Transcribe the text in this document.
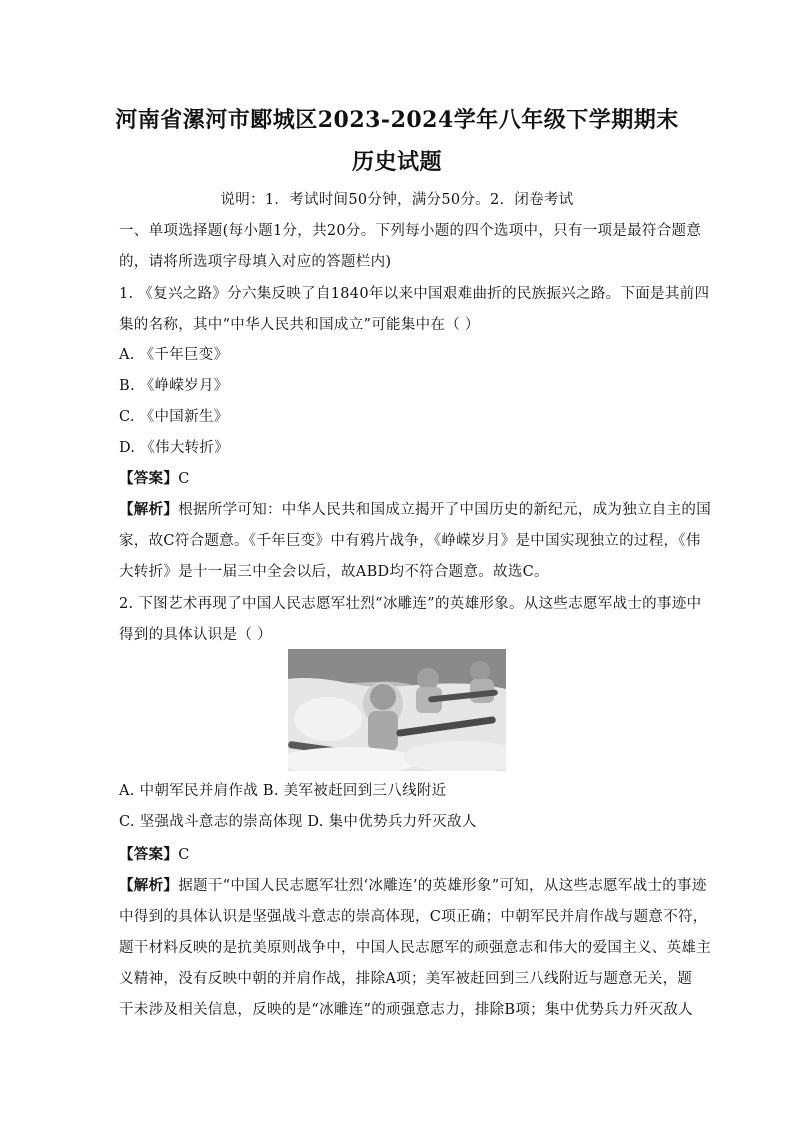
河南省漯河市郾城区2023-2024学年八年级下学期期末
历史试题
说明：1．考试时间50分钟，满分50分。2．闭卷考试
一、单项选择题(每小题1分，共20分。下列每小题的四个选项中，只有一项是最符合题意
的，请将所选项字母填入对应的答题栏内)
1. 《复兴之路》分六集反映了自1840年以来中国艰难曲折的民族振兴之路。下面是其前四
集的名称，其中“中华人民共和国成立”可能集中在（ ）
A. 《千年巨变》
B. 《峥嵘岁月》
C. 《中国新生》
D. 《伟大转折》
【答案】C
【解析】根据所学可知：中华人民共和国成立揭开了中国历史的新纪元，成为独立自主的国
家，故C符合题意。《千年巨变》中有鸦片战争，《峥嵘岁月》是中国实现独立的过程，《伟
大转折》是十一届三中全会以后，故ABD均不符合题意。故选C。
2. 下图艺术再现了中国人民志愿军壮烈“冰雕连”的英雄形象。从这些志愿军战士的事迹中
得到的具体认识是（ ）
A. 中朝军民并肩作战 B. 美军被赶回到三八线附近
C. 坚强战斗意志的崇高体现 D. 集中优势兵力歼灭敌人
【答案】C
【解析】据题干“中国人民志愿军壮烈‘冰雕连’的英雄形象”可知，从这些志愿军战士的事迹
中得到的具体认识是坚强战斗意志的崇高体现，C项正确；中朝军民并肩作战与题意不符，
题干材料反映的是抗美原则战争中，中国人民志愿军的顽强意志和伟大的爱国主义、英雄主
义精神，没有反映中朝的并肩作战，排除A项；美军被赶回到三八线附近与题意无关，题
干未涉及相关信息，反映的是“冰雕连”的顽强意志力，排除B项；集中优势兵力歼灭敌人
